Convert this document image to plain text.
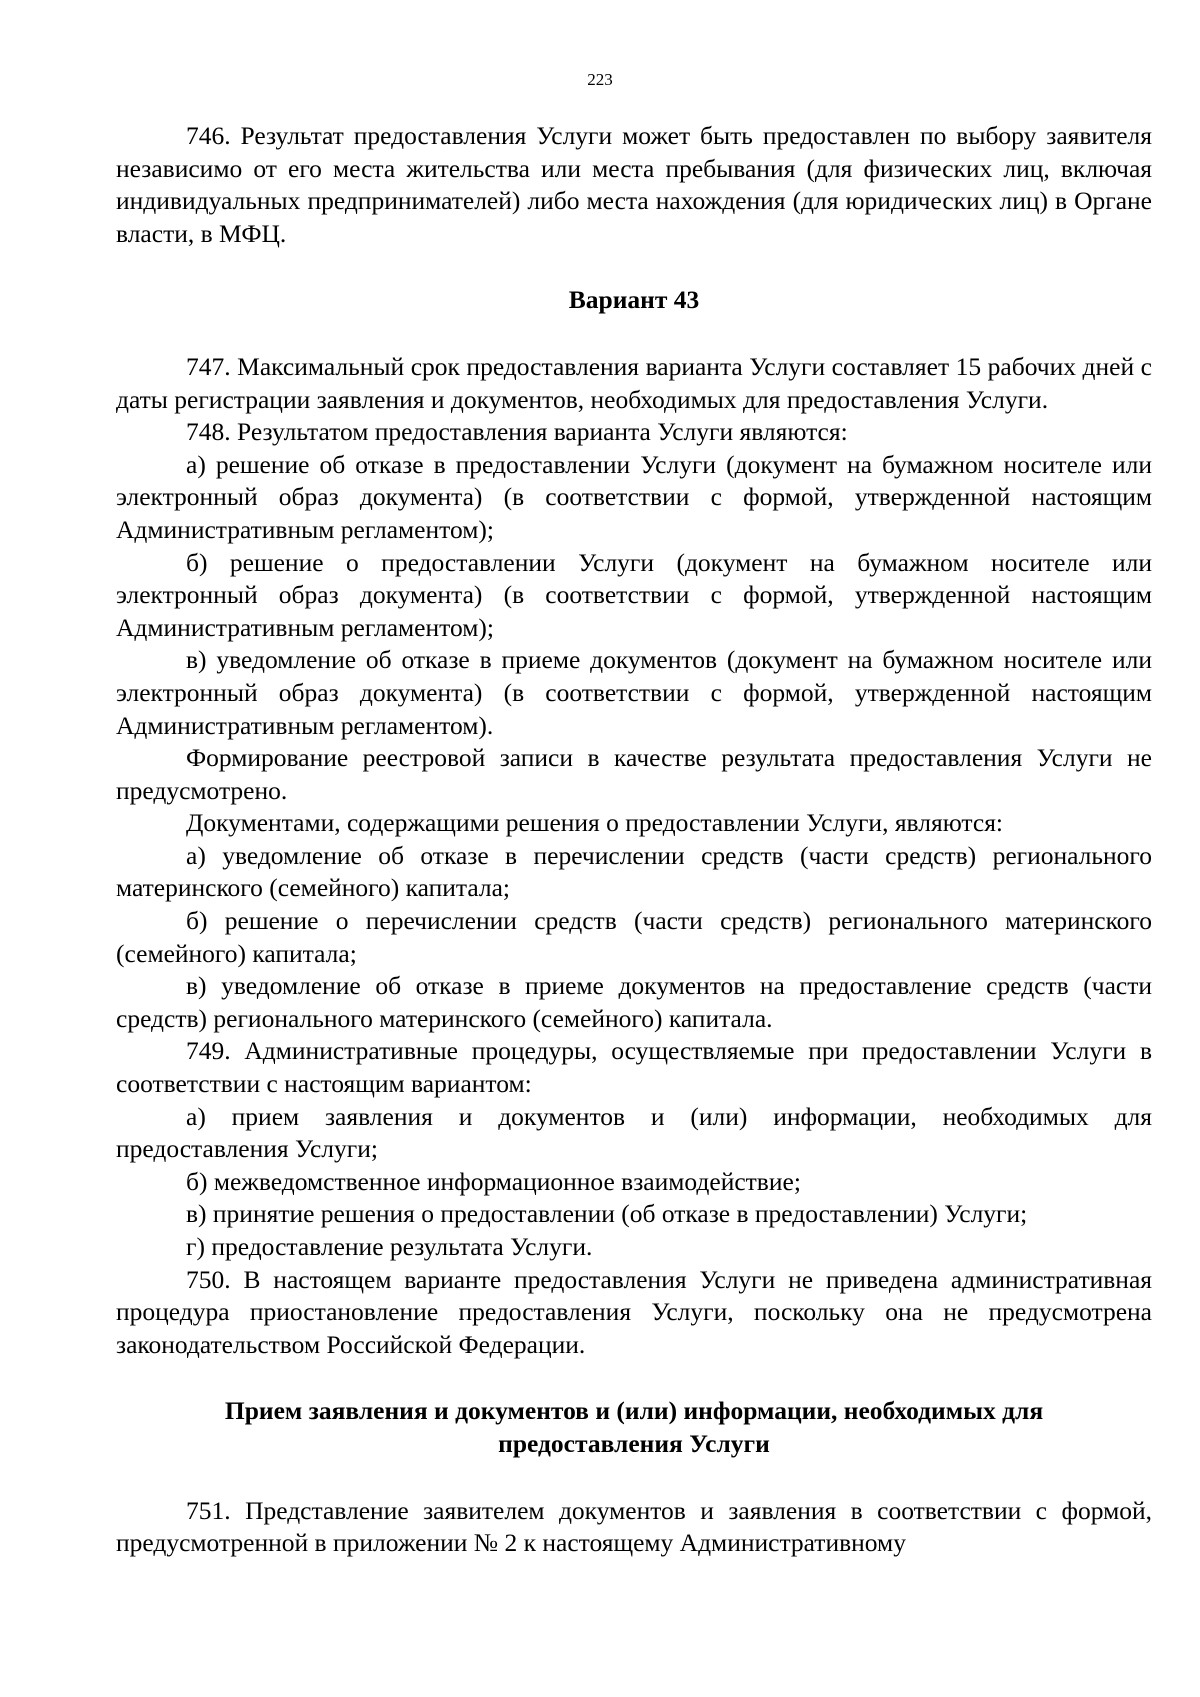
223

746. Результат предоставления Услуги может быть предоставлен по выбору заявителя независимо от его места жительства или места пребывания (для физических лиц, включая индивидуальных предпринимателей) либо места нахождения (для юридических лиц) в Органе власти, в МФЦ.

Вариант 43

747. Максимальный срок предоставления варианта Услуги составляет 15 рабочих дней с даты регистрации заявления и документов, необходимых для предоставления Услуги.

748. Результатом предоставления варианта Услуги являются:

а) решение об отказе в предоставлении Услуги (документ на бумажном носителе или электронный образ документа) (в соответствии с формой, утвержденной настоящим Административным регламентом);

б) решение о предоставлении Услуги (документ на бумажном носителе или электронный образ документа) (в соответствии с формой, утвержденной настоящим Административным регламентом);

в) уведомление об отказе в приеме документов (документ на бумажном носителе или электронный образ документа) (в соответствии с формой, утвержденной настоящим Административным регламентом).

Формирование реестровой записи в качестве результата предоставления Услуги не предусмотрено.

Документами, содержащими решения о предоставлении Услуги, являются:

а) уведомление об отказе в перечислении средств (части средств) регионального материнского (семейного) капитала;

б) решение о перечислении средств (части средств) регионального материнского (семейного) капитала;

в) уведомление об отказе в приеме документов на предоставление средств (части средств) регионального материнского (семейного) капитала.

749. Административные процедуры, осуществляемые при предоставлении Услуги в соответствии с настоящим вариантом:

а) прием заявления и документов и (или) информации, необходимых для предоставления Услуги;

б) межведомственное информационное взаимодействие;

в) принятие решения о предоставлении (об отказе в предоставлении) Услуги;

г) предоставление результата Услуги.

750. В настоящем варианте предоставления Услуги не приведена административная процедура приостановление предоставления Услуги, поскольку она не предусмотрена законодательством Российской Федерации.

Прием заявления и документов и (или) информации, необходимых для
предоставления Услуги

751. Представление заявителем документов и заявления в соответствии с формой, предусмотренной в приложении № 2 к настоящему Административному
